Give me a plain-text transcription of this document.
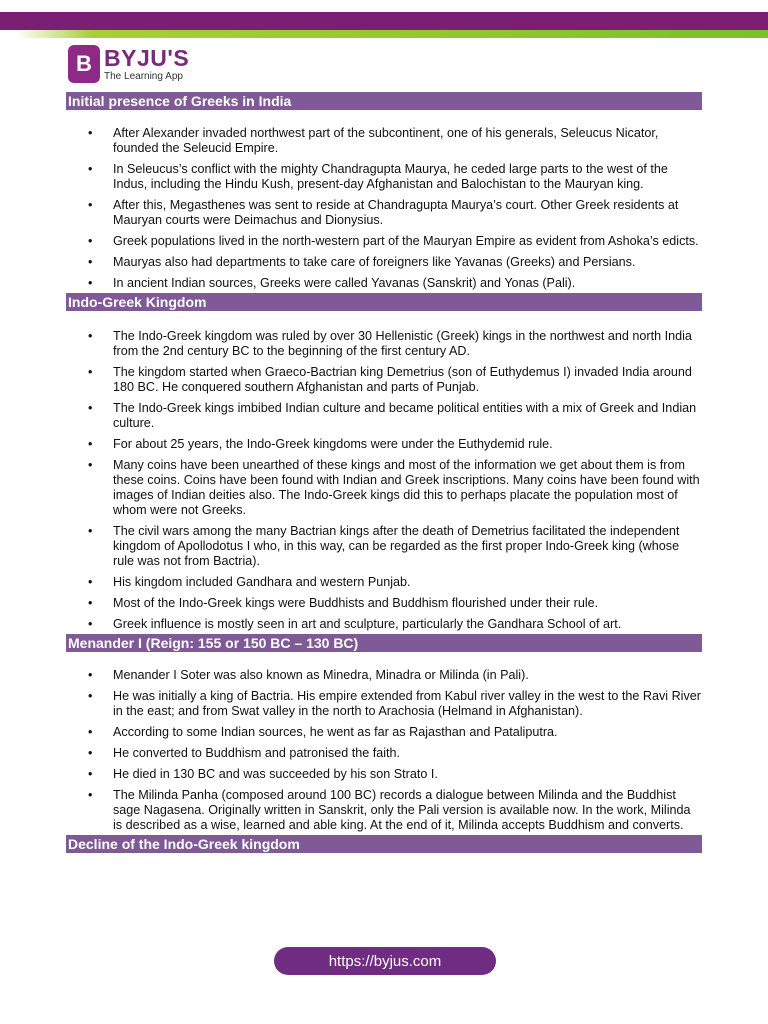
B BYJU'S
The Learning App
Initial presence of Greeks in India
• After Alexander invaded northwest part of the subcontinent, one of his generals, Seleucus Nicator, founded the Seleucid Empire.
• In Seleucus’s conflict with the mighty Chandragupta Maurya, he ceded large parts to the west of the Indus, including the Hindu Kush, present-day Afghanistan and Balochistan to the Mauryan king.
• After this, Megasthenes was sent to reside at Chandragupta Maurya’s court. Other Greek residents at Mauryan courts were Deimachus and Dionysius.
• Greek populations lived in the north-western part of the Mauryan Empire as evident from Ashoka’s edicts.
• Mauryas also had departments to take care of foreigners like Yavanas (Greeks) and Persians.
• In ancient Indian sources, Greeks were called Yavanas (Sanskrit) and Yonas (Pali).
Indo-Greek Kingdom
• The Indo-Greek kingdom was ruled by over 30 Hellenistic (Greek) kings in the northwest and north India from the 2nd century BC to the beginning of the first century AD.
• The kingdom started when Graeco-Bactrian king Demetrius (son of Euthydemus I) invaded India around 180 BC. He conquered southern Afghanistan and parts of Punjab.
• The Indo-Greek kings imbibed Indian culture and became political entities with a mix of Greek and Indian culture.
• For about 25 years, the Indo-Greek kingdoms were under the Euthydemid rule.
• Many coins have been unearthed of these kings and most of the information we get about them is from these coins. Coins have been found with Indian and Greek inscriptions. Many coins have been found with images of Indian deities also. The Indo-Greek kings did this to perhaps placate the population most of whom were not Greeks.
• The civil wars among the many Bactrian kings after the death of Demetrius facilitated the independent kingdom of Apollodotus I who, in this way, can be regarded as the first proper Indo-Greek king (whose rule was not from Bactria).
• His kingdom included Gandhara and western Punjab.
• Most of the Indo-Greek kings were Buddhists and Buddhism flourished under their rule.
• Greek influence is mostly seen in art and sculpture, particularly the Gandhara School of art.
Menander I (Reign: 155 or 150 BC – 130 BC)
• Menander I Soter was also known as Minedra, Minadra or Milinda (in Pali).
• He was initially a king of Bactria. His empire extended from Kabul river valley in the west to the Ravi River in the east; and from Swat valley in the north to Arachosia (Helmand in Afghanistan).
• According to some Indian sources, he went as far as Rajasthan and Pataliputra.
• He converted to Buddhism and patronised the faith.
• He died in 130 BC and was succeeded by his son Strato I.
• The Milinda Panha (composed around 100 BC) records a dialogue between Milinda and the Buddhist sage Nagasena. Originally written in Sanskrit, only the Pali version is available now. In the work, Milinda is described as a wise, learned and able king. At the end of it, Milinda accepts Buddhism and converts.
Decline of the Indo-Greek kingdom
https://byjus.com
